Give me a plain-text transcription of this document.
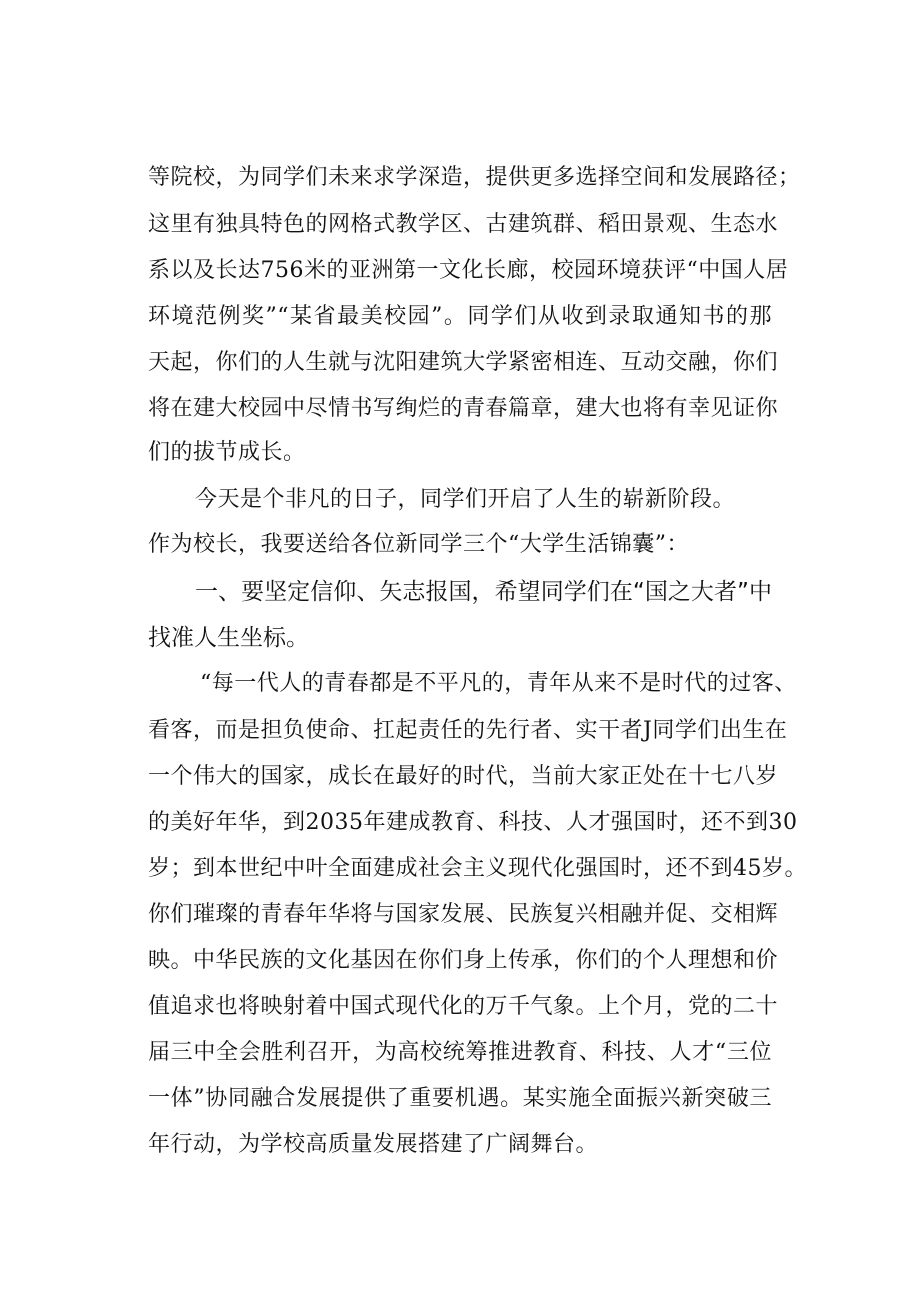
等院校，为同学们未来求学深造，提供更多选择空间和发展路径；
这里有独具特色的网格式教学区、古建筑群、稻田景观、生态水
系以及长达756米的亚洲第一文化长廊，校园环境获评“中国人居
环境范例奖”“某省最美校园”。同学们从收到录取通知书的那
天起，你们的人生就与沈阳建筑大学紧密相连、互动交融，你们
将在建大校园中尽情书写绚烂的青春篇章，建大也将有幸见证你
们的拔节成长。
今天是个非凡的日子，同学们开启了人生的崭新阶段。
作为校长，我要送给各位新同学三个“大学生活锦囊”：
一、要坚定信仰、矢志报国，希望同学们在“国之大者”中
找准人生坐标。
“每一代人的青春都是不平凡的，青年从来不是时代的过客、
看客，而是担负使命、扛起责任的先行者、实干者J同学们出生在
一个伟大的国家，成长在最好的时代，当前大家正处在十七八岁
的美好年华，到2035年建成教育、科技、人才强国时，还不到30
岁；到本世纪中叶全面建成社会主义现代化强国时，还不到45岁。
你们璀璨的青春年华将与国家发展、民族复兴相融并促、交相辉
映。中华民族的文化基因在你们身上传承，你们的个人理想和价
值追求也将映射着中国式现代化的万千气象。上个月，党的二十
届三中全会胜利召开，为高校统筹推进教育、科技、人才“三位
一体”协同融合发展提供了重要机遇。某实施全面振兴新突破三
年行动，为学校高质量发展搭建了广阔舞台。
